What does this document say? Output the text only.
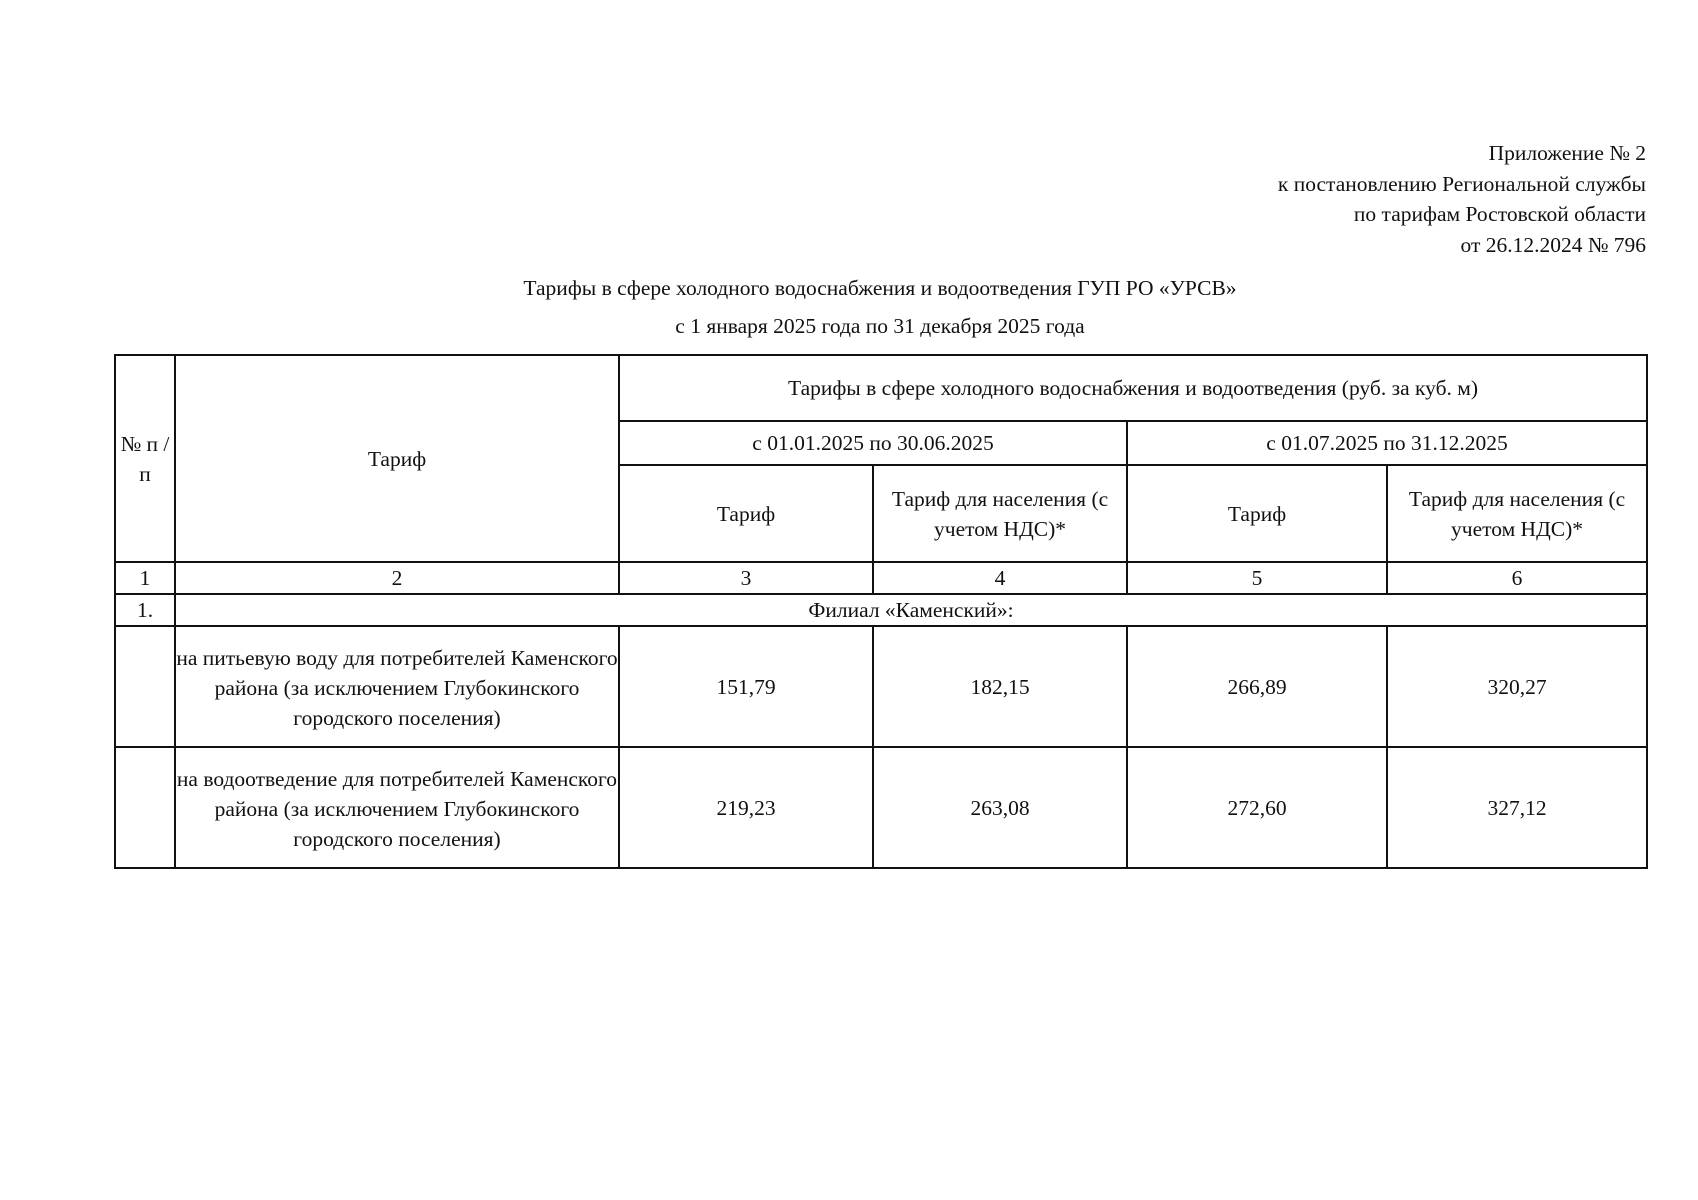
Приложение № 2
к постановлению Региональной службы
по тарифам Ростовской области
от 26.12.2024 № 796
Тарифы в сфере холодного водоснабжения и водоотведения ГУП РО «УРСВ»
с 1 января 2025 года по 31 декабря 2025 года
№ п /п	Тариф	Тарифы в сфере холодного водоснабжения и водоотведения (руб. за куб. м)			
		с 01.01.2025 по 30.06.2025		с 01.07.2025 по 31.12.2025	
		Тариф	Тариф для населения (с учетом НДС)*	Тариф	Тариф для населения (с учетом НДС)*
1	2	3	4	5	6
1.	Филиал «Каменский»:				
	на питьевую воду для потребителей Каменского района (за исключением Глубокинского городского поселения)	151,79	182,15	266,89	320,27
	на водоотведение для потребителей Каменского района (за исключением Глубокинского городского поселения)	219,23	263,08	272,60	327,12
